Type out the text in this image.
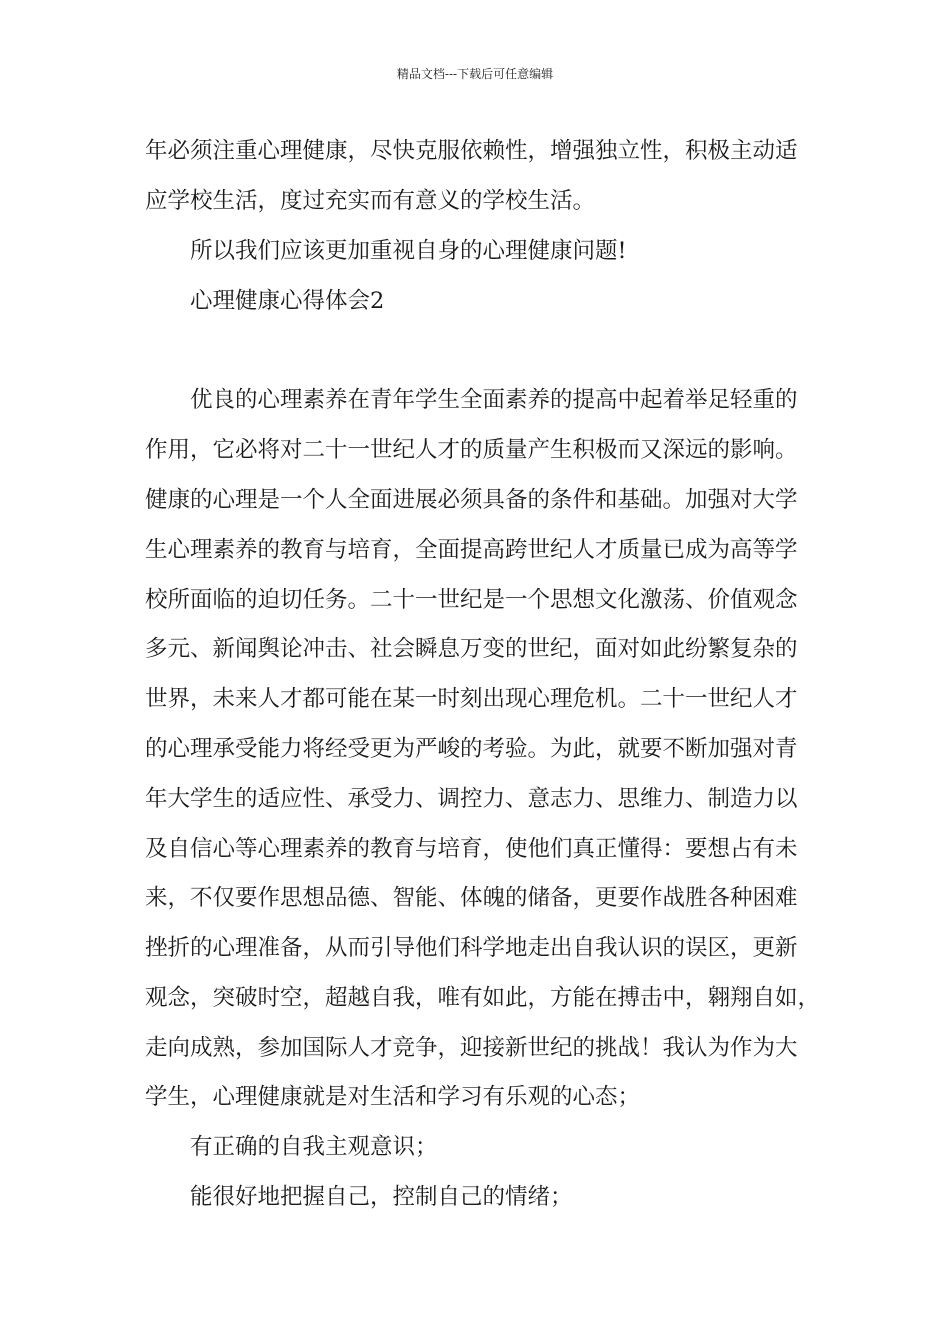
精品文档---下载后可任意编辑
年必须注重心理健康，尽快克服依赖性，增强独立性，积极主动适
应学校生活，度过充实而有意义的学校生活。
所以我们应该更加重视自身的心理健康问题!
心理健康心得体会2
优良的心理素养在青年学生全面素养的提高中起着举足轻重的
作用，它必将对二十一世纪人才的质量产生积极而又深远的影响。
健康的心理是一个人全面进展必须具备的条件和基础。加强对大学
生心理素养的教育与培育，全面提高跨世纪人才质量已成为高等学
校所面临的迫切任务。二十一世纪是一个思想文化激荡、价值观念
多元、新闻舆论冲击、社会瞬息万变的世纪，面对如此纷繁复杂的
世界，未来人才都可能在某一时刻出现心理危机。二十一世纪人才
的心理承受能力将经受更为严峻的考验。为此，就要不断加强对青
年大学生的适应性、承受力、调控力、意志力、思维力、制造力以
及自信心等心理素养的教育与培育，使他们真正懂得：要想占有未
来，不仅要作思想品德、智能、体魄的储备，更要作战胜各种困难
挫折的心理准备，从而引导他们科学地走出自我认识的误区，更新
观念，突破时空，超越自我，唯有如此，方能在搏击中，翱翔自如，
走向成熟，参加国际人才竞争，迎接新世纪的挑战！我认为作为大
学生，心理健康就是对生活和学习有乐观的心态；
有正确的自我主观意识；
能很好地把握自己，控制自己的情绪；
